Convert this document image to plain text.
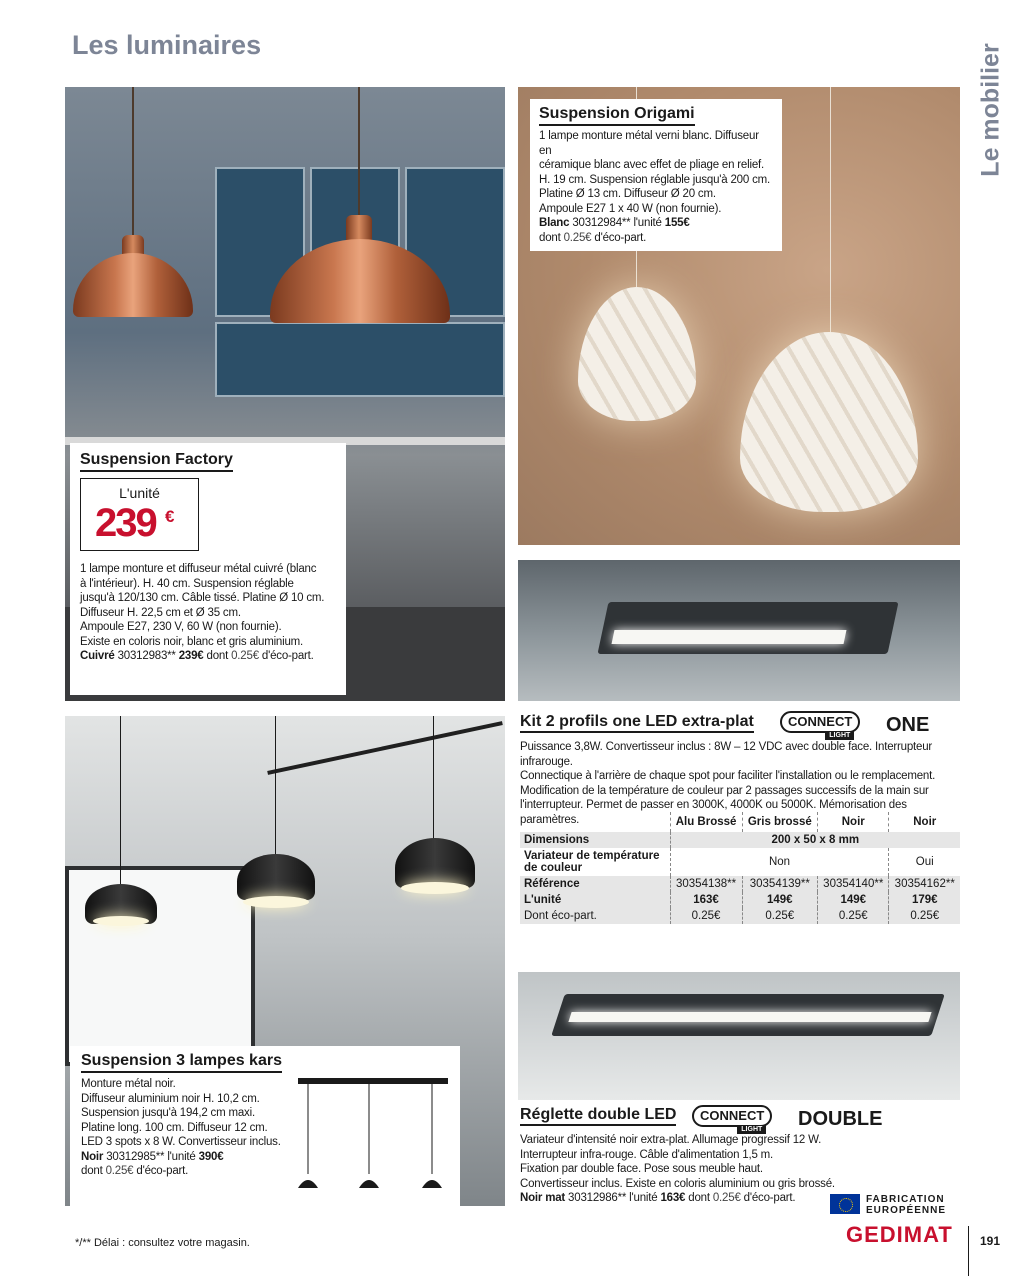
Les luminaires	Le mobilier
Suspension Origami
1 lampe monture métal verni blanc. Diffuseur en
céramique blanc avec effet de pliage en relief.
H. 19 cm. Suspension réglable jusqu'à 200 cm.
Platine Ø 13 cm. Diffuseur Ø 20 cm.
Ampoule E27 1 x 40 W (non fournie).
Blanc 30312984** l'unité 155€
dont 0.25€ d'éco-part.
Suspension Factory
L'unité
239 €
1 lampe monture et diffuseur métal cuivré (blanc
à l'intérieur). H. 40 cm. Suspension réglable
jusqu'à 120/130 cm. Câble tissé. Platine Ø 10 cm.
Diffuseur H. 22,5 cm et Ø 35 cm.
Ampoule E27, 230 V, 60 W (non fournie).
Existe en coloris noir, blanc et gris aluminium.
Cuivré 30312983** 239€ dont 0.25€ d'éco-part.
Suspension 3 lampes kars
Monture métal noir.
Diffuseur aluminium noir H. 10,2 cm.
Suspension jusqu'à 194,2 cm maxi.
Platine long. 100 cm. Diffuseur 12 cm.
LED 3 spots x 8 W. Convertisseur inclus.
Noir 30312985** l'unité 390€
dont 0.25€ d'éco-part.
Kit 2 profils one LED extra-plat	CONNECT
LIGHT ONE
Puissance 3,8W. Convertisseur inclus : 8W – 12 VDC avec double face. Interrupteur infrarouge.
Connectique à l'arrière de chaque spot pour faciliter l'installation ou le remplacement.
Modification de la température de couleur par 2 passages successifs de la main sur
l'interrupteur. Permet de passer en 3000K, 4000K ou 5000K. Mémorisation des paramètres.
		Alu Brossé	Gris brossé	Noir	Noir
Dimensions	200 x 50 x 8 mm			

Variateur de température
de couleur	Non			Oui
Référence	30354138**	30354139**	30354140**	30354162**
L'unité	163€	149€	149€	179€
Dont éco-part.	0.25€	0.25€	0.25€	0.25€
Réglette double LED	CONNECT
LIGHT DOUBLE
Variateur d'intensité noir extra-plat. Allumage progressif 12 W.
Interrupteur infra-rouge. Câble d'alimentation 1,5 m.
Fixation par double face. Pose sous meuble haut.
Convertisseur inclus. Existe en coloris aluminium ou gris brossé.
Noir mat 30312986** l'unité 163€ dont 0.25€ d'éco-part.	FABRICATION
EUROPÉENNE
GEDIMAT 191
*/** Délai : consultez votre magasin.
